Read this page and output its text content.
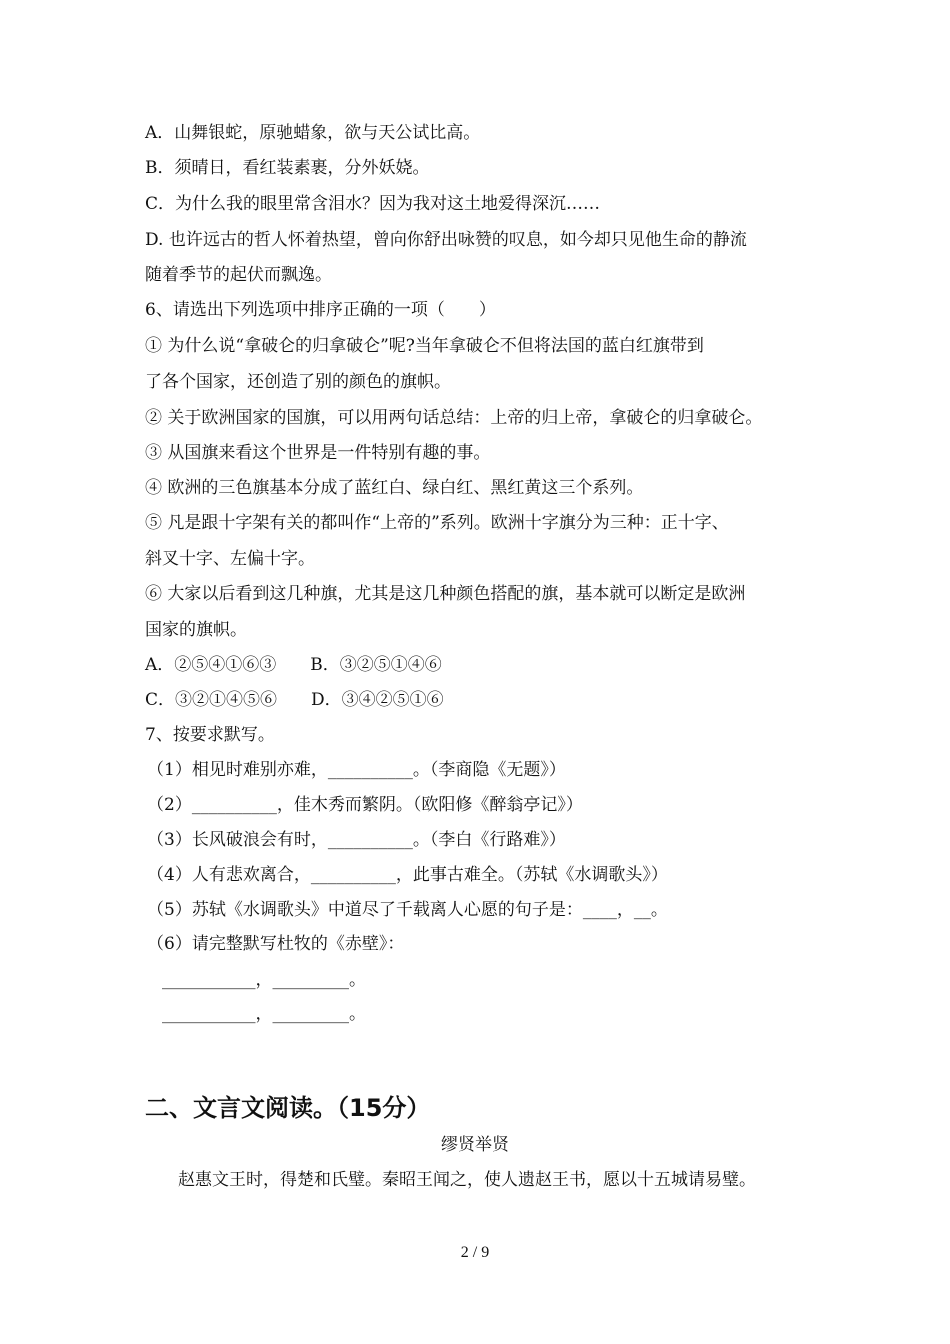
A．山舞银蛇，原驰蜡象，欲与天公试比高。
B．须晴日，看红装素裹，分外妖娆。
C．为什么我的眼里常含泪水？因为我对这土地爱得深沉……
D. 也许远古的哲人怀着热望，曾向你舒出咏赞的叹息，如今却只见他生命的静流
随着季节的起伏而飘逸。
6、请选出下列选项中排序正确的一项（　　）
① 为什么说“拿破仑的归拿破仑”呢?当年拿破仑不但将法国的蓝白红旗带到
了各个国家，还创造了别的颜色的旗帜。
② 关于欧洲国家的国旗，可以用两句话总结：上帝的归上帝，拿破仑的归拿破仑。
③ 从国旗来看这个世界是一件特别有趣的事。
④ 欧洲的三色旗基本分成了蓝红白、绿白红、黑红黄这三个系列。
⑤ 凡是跟十字架有关的都叫作“上帝的”系列。欧洲十字旗分为三种：正十字、
斜叉十字、左偏十字。
⑥ 大家以后看到这几种旗，尤其是这几种颜色搭配的旗，基本就可以断定是欧洲
国家的旗帜。
A．②⑤④①⑥③ B．③②⑤①④⑥
C．③②①④⑤⑥ D．③④②⑤①⑥
7、按要求默写。
（1）相见时难别亦难，__________。（李商隐《无题》）
（2）__________，佳木秀而繁阴。（欧阳修《醉翁亭记》）
（3）长风破浪会有时，__________。（李白《行路难》）
（4）人有悲欢离合，__________，此事古难全。（苏轼《水调歌头》）
（5）苏轼《水调歌头》中道尽了千载离人心愿的句子是：____，__。
（6）请完整默写杜牧的《赤壁》：
___________，_________。
___________，_________。
二、文言文阅读。（15分）
缪贤举贤
赵惠文王时，得楚和氏璧。秦昭王闻之，使人遗赵王书，愿以十五城请易璧。
2 / 9
